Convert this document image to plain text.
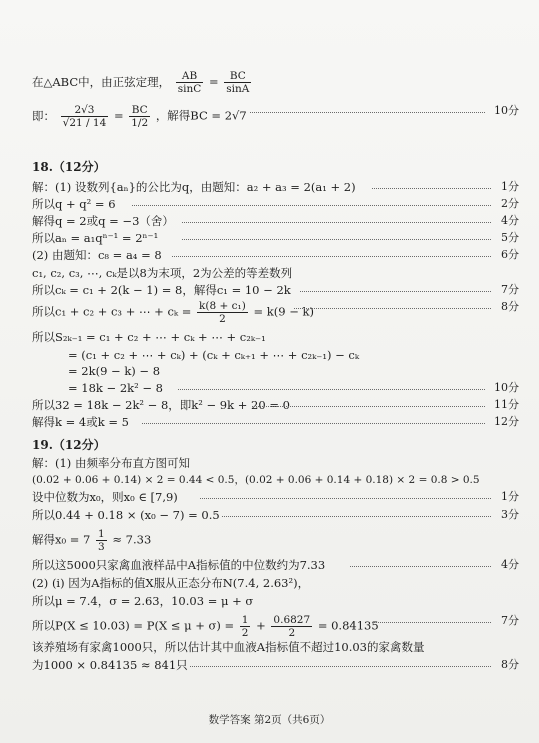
在△ABC中，由正弦定理， $\frac{AB}{\sin C} = \frac{BC}{\sin A}$
即： $\frac{2√3}{√21 / 14} = \frac{BC}{1/2}$ ，解得BC = 2√7	10分
18.（12分）
解：(1) 设数列{aₙ}的公比为q，由题知：a₂ + a₃ = 2(a₁ + 2)	1分
所以q + q² = 6	2分
解得q = 2或q = −3（舍）	4分
所以aₙ = a₁qⁿ⁻¹ = 2ⁿ⁻¹	5分
(2) 由题知：c₈ = a₄ = 8	6分
c₁, c₂, c₃, ⋯, cₖ是以8为末项，2为公差的等差数列
所以cₖ = c₁ + 2(k − 1) = 8，解得c₁ = 10 − 2k	7分
所以c₁ + c₂ + c₃ + ⋯ + $c_k = \frac{\text{k(8 + c₁)}}{2} = k(9 - k)$	8分
所以S₂ₖ₋₁ = c₁ + c₂ + ⋯ + cₖ + ⋯ + c₂ₖ₋₁
= (c₁ + c₂ + ⋯ + cₖ) + (cₖ + cₖ₊₁ + ⋯ + c₂ₖ₋₁) − cₖ
= 2k(9 − k) − 8
= 18k − 2k² − 8	10分
所以32 = 18k − 2k² − 8，即k² − 9k + 20 = 0	11分
解得k = 4或k = 5	12分
19.（12分）
解：(1) 由频率分布直方图可知
(0.02 + 0.06 + 0.14) × 2 = 0.44 < 0.5，(0.02 + 0.06 + 0.14 + 0.18) × 2 = 0.8 > 0.5
设中位数为x₀，则x₀ ∈ [7,9)	1分
所以0.44 + 0.18 × (x₀ − 7) = 0.5	3分
解得$x_0 = 7 \frac{1}{3} \approx 7.33$
所以这5000只家禽血液样品中A指标值的中位数约为7.33	4分
(2) (i) 因为A指标的值X服从正态分布N(7.4, 2.63²)，
所以μ = 7.4，σ = 2.63，10.03 = μ + σ
所以$P(X \le 10.03) = P(X \le \mu + \sigma) = \frac{1}{2} + \frac{0.6827}{2} = 0.84135$	7分
该养殖场有家禽1000只，所以估计其中血液A指标值不超过10.03的家禽数量
为1000 × 0.84135 ≈ 841只	8分
数学答案 第2页（共6页）
